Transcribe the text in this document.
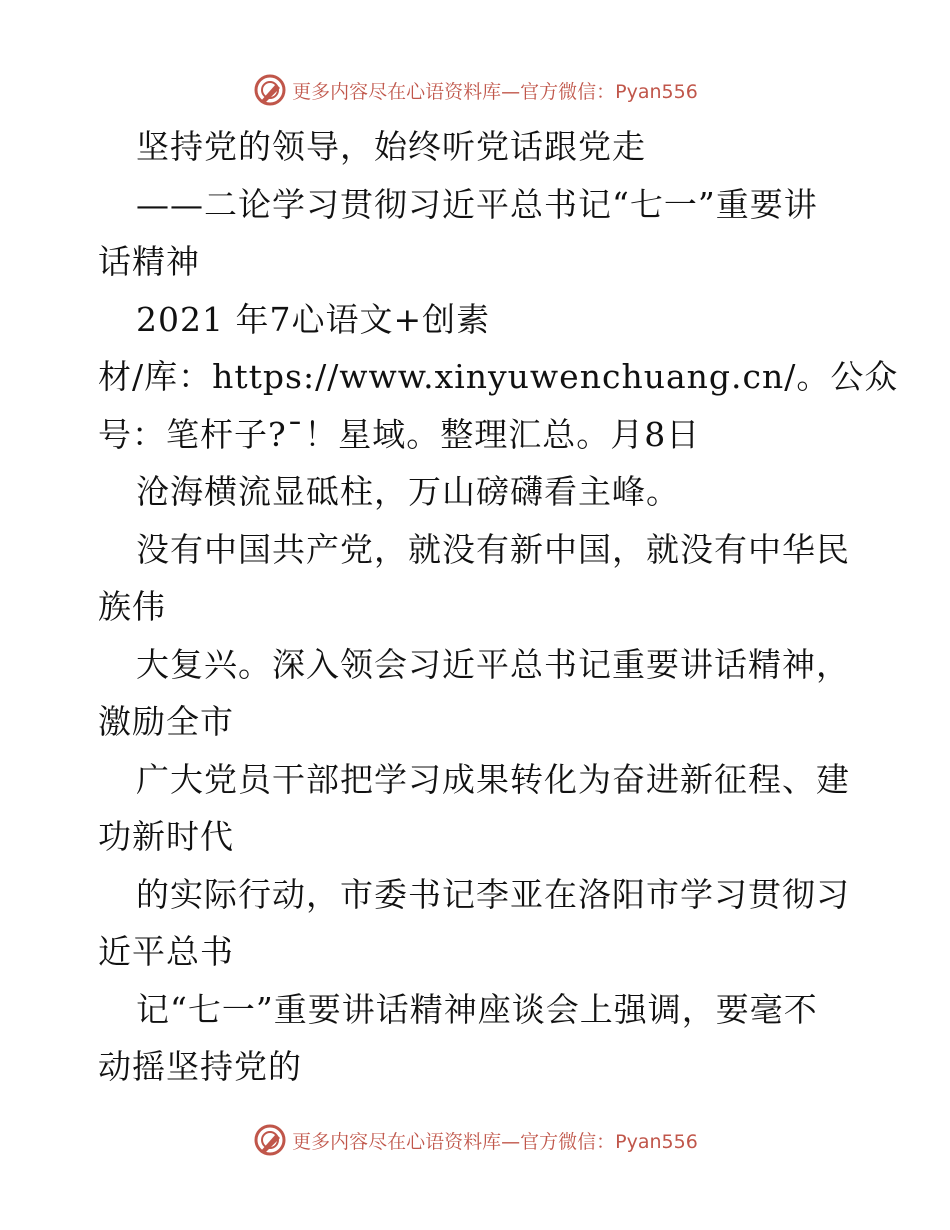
更多内容尽在心语资料库—官方微信：Pyan556
坚持党的领导，始终听党话跟党走
——二论学习贯彻习近平总书记“七一”重要讲
话精神
2021 年7心语文+创素
材/库：https://www.xinyuwenchuang.cn/。公众
号：笔杆子?¯！星域。整理汇总。月8日
沧海横流显砥柱，万山磅礴看主峰。
没有中国共产党，就没有新中国，就没有中华民
族伟
大复兴。深入领会习近平总书记重要讲话精神，
激励全市
广大党员干部把学习成果转化为奋进新征程、建
功新时代
的实际行动，市委书记李亚在洛阳市学习贯彻习
近平总书
记“七一”重要讲话精神座谈会上强调，要毫不
动摇坚持党的
更多内容尽在心语资料库—官方微信：Pyan556
